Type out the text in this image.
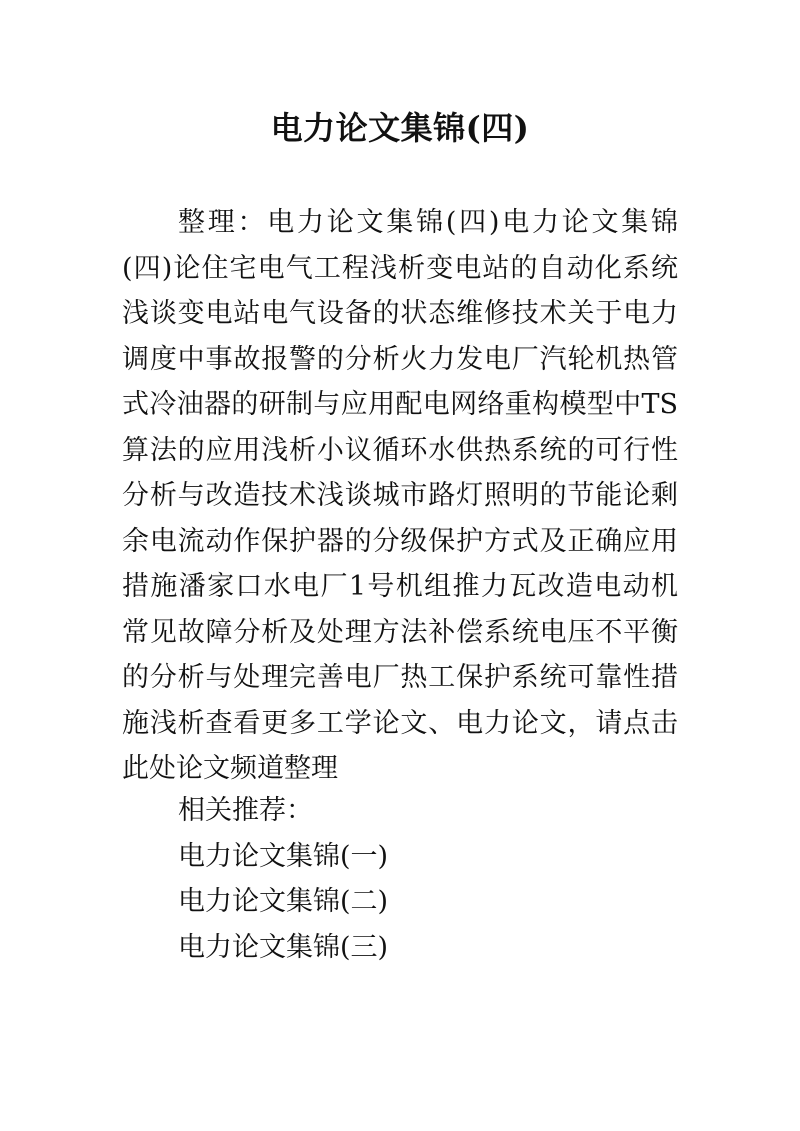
电力论文集锦(四)

整理：电力论文集锦(四)电力论文集锦(四)论住宅电气工程浅析变电站的自动化系统浅谈变电站电气设备的状态维修技术关于电力调度中事故报警的分析火力发电厂汽轮机热管式冷油器的研制与应用配电网络重构模型中TS算法的应用浅析小议循环水供热系统的可行性分析与改造技术浅谈城市路灯照明的节能论剩余电流动作保护器的分级保护方式及正确应用措施潘家口水电厂1号机组推力瓦改造电动机常见故障分析及处理方法补偿系统电压不平衡的分析与处理完善电厂热工保护系统可靠性措施浅析查看更多工学论文、电力论文，请点击此处论文频道整理

相关推荐：
电力论文集锦(一)
电力论文集锦(二)
电力论文集锦(三)
